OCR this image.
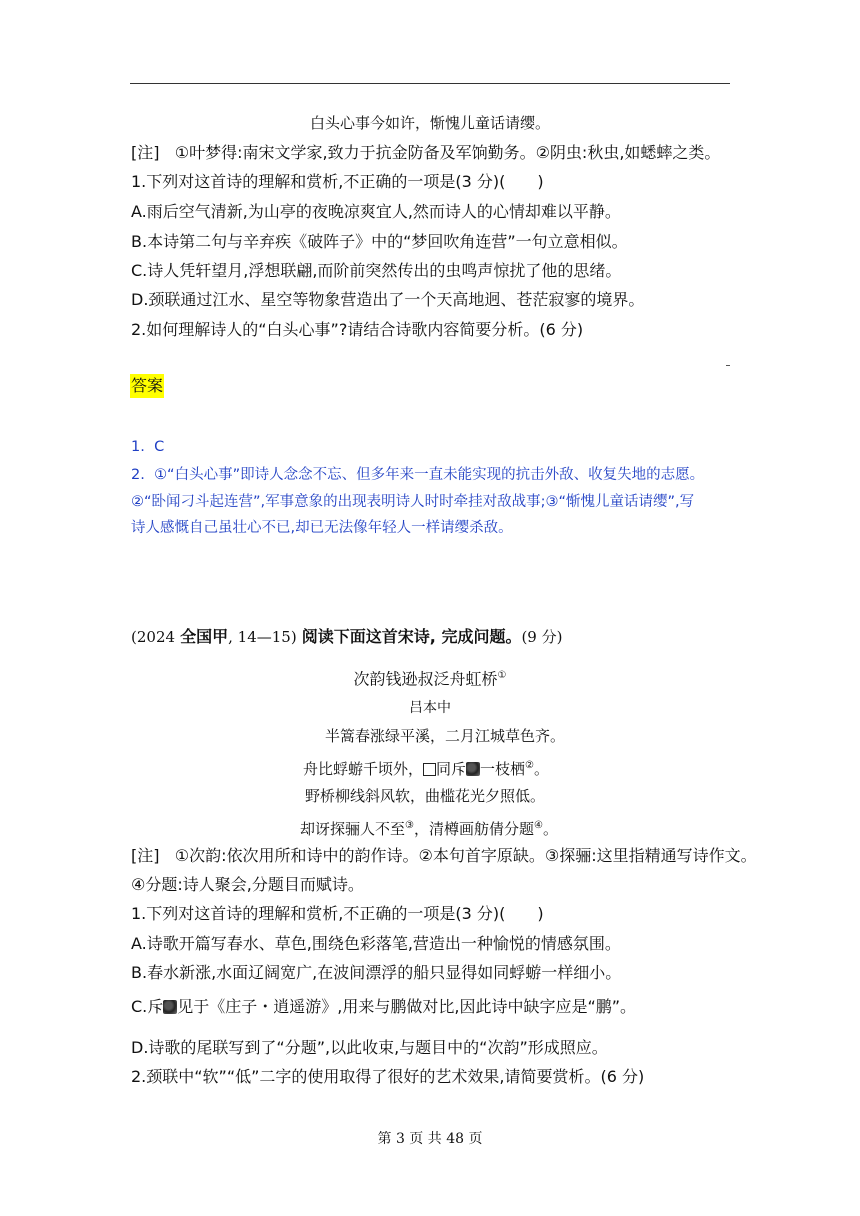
白头心事今如许，惭愧儿童话请缨。
[注] ①叶梦得:南宋文学家,致力于抗金防备及军饷勤务。②阴虫:秋虫,如蟋蟀之类。
1.下列对这首诗的理解和赏析,不正确的一项是(3 分)(　　)
A.雨后空气清新,为山亭的夜晚凉爽宜人,然而诗人的心情却难以平静。
B.本诗第二句与辛弃疾《破阵子》中的“梦回吹角连营”一句立意相似。
C.诗人凭轩望月,浮想联翩,而阶前突然传出的虫鸣声惊扰了他的思绪。
D.颈联通过江水、星空等物象营造出了一个天高地迥、苍茫寂寥的境界。
2.如何理解诗人的“白头心事”?请结合诗歌内容简要分析。(6 分)
答案
1. C
2. ①“白头心事”即诗人念念不忘、但多年来一直未能实现的抗击外敌、收复失地的志愿。
②“卧闻刁斗起连营”,军事意象的出现表明诗人时时牵挂对敌战事;③“惭愧儿童话请缨”,写
诗人感慨自己虽壮心不已,却已无法像年轻人一样请缨杀敌。
(2024 全国甲, 14—15) 阅读下面这首宋诗, 完成问题。(9 分)
次韵钱逊叔泛舟虹桥①
吕本中
半篙春涨绿平溪，二月江城草色齐。
舟比蜉蝣千顷外， 同斥 一枝栖②。
野桥柳线斜风软，曲槛花光夕照低。
却讶探骊人不至③，清樽画舫倩分题④。
[注] ①次韵:依次用所和诗中的韵作诗。②本句首字原缺。③探骊:这里指精通写诗作文。
④分题:诗人聚会,分题目而赋诗。
1.下列对这首诗的理解和赏析,不正确的一项是(3 分)(　　)
A.诗歌开篇写春水、草色,围绕色彩落笔,营造出一种愉悦的情感氛围。
B.春水新涨,水面辽阔宽广,在波间漂浮的船只显得如同蜉蝣一样细小。
C.斥 见于《庄子・逍遥游》,用来与鹏做对比,因此诗中缺字应是“鹏”。
D.诗歌的尾联写到了“分题”,以此收束,与题目中的“次韵”形成照应。
2.颈联中“软”“低”二字的使用取得了很好的艺术效果,请简要赏析。(6 分)
第 3 页 共 48 页
